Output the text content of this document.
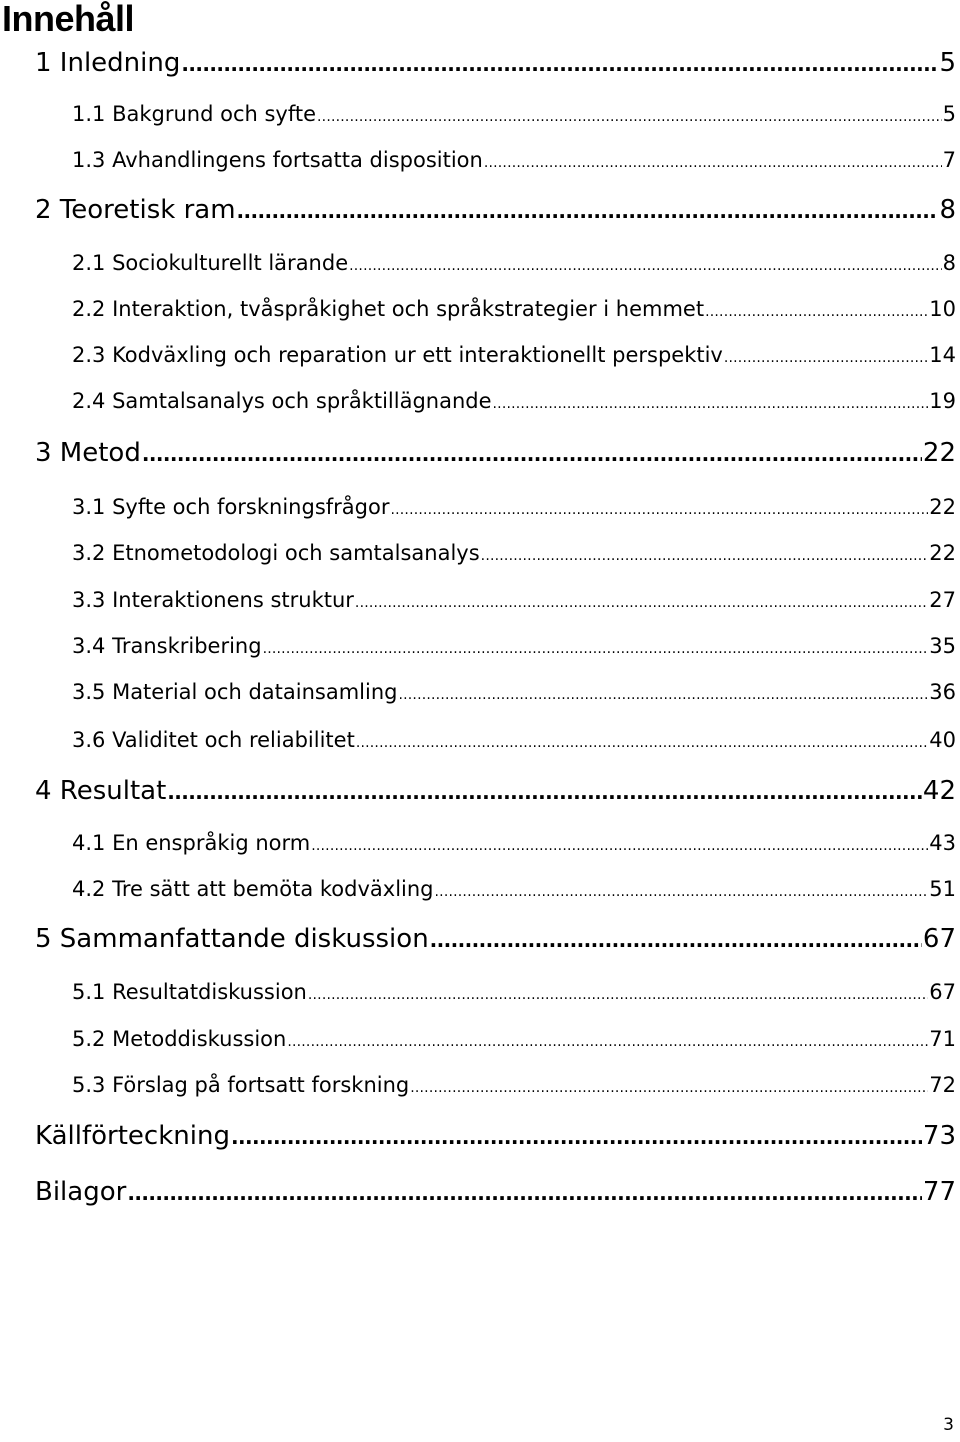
Innehåll
1 Inledning .....	5
1.1 Bakgrund och syfte .....	5
1.3 Avhandlingens fortsatta disposition .....	7
2 Teoretisk ram .....	8
2.1 Sociokulturellt lärande .....	8
2.2 Interaktion, tvåspråkighet och språkstrategier i hemmet .....	10
2.3 Kodväxling och reparation ur ett interaktionellt perspektiv .....	14
2.4 Samtalsanalys och språktillägnande .....	19
3 Metod .....	22
3.1 Syfte och forskningsfrågor .....	22
3.2 Etnometodologi och samtalsanalys .....	22
3.3 Interaktionens struktur .....	27
3.4 Transkribering .....	35
3.5 Material och datainsamling .....	36
3.6 Validitet och reliabilitet .....	40
4 Resultat .....	42
4.1 En enspråkig norm .....	43
4.2 Tre sätt att bemöta kodväxling .....	51
5 Sammanfattande diskussion .....	67
5.1 Resultatdiskussion .....	67
5.2 Metoddiskussion .....	71
5.3 Förslag på fortsatt forskning .....	72
Källförteckning .....	73
Bilagor .....	77
3
